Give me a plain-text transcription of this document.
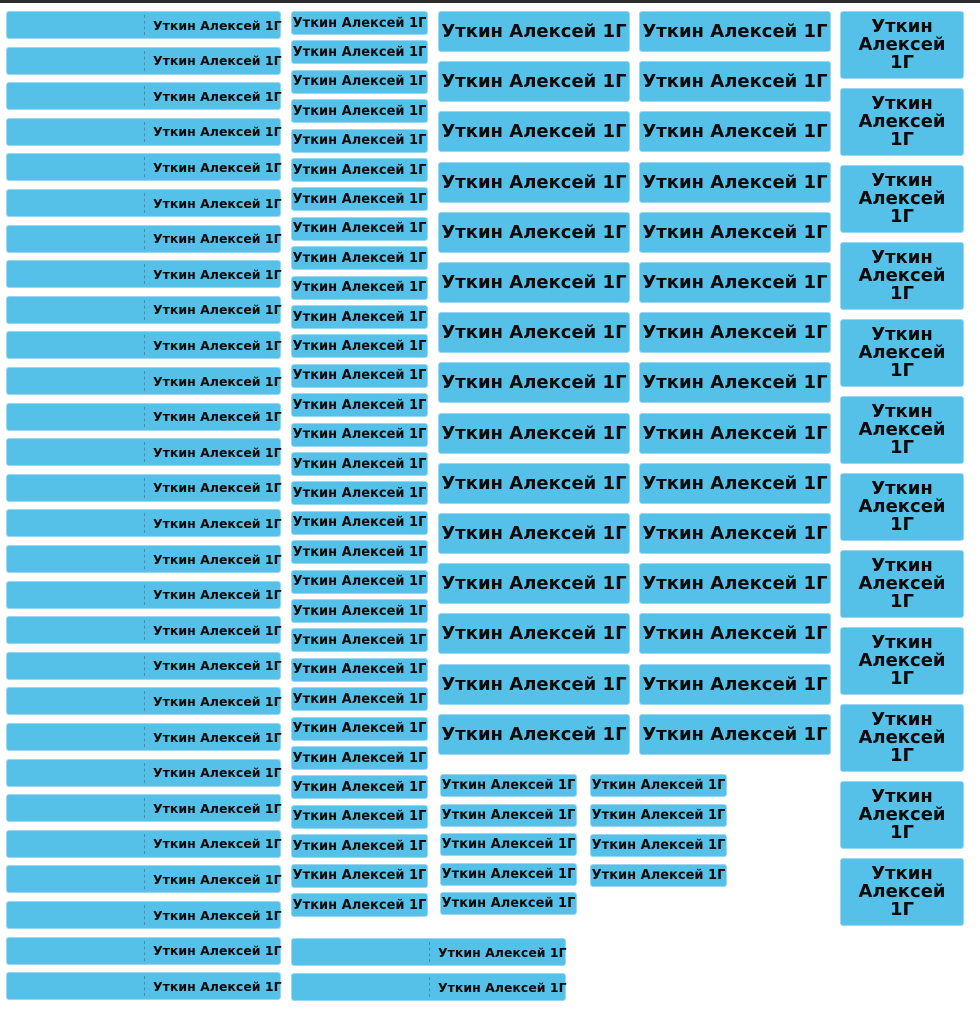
Уткин Алексей 1Г
Уткин Алексей 1Г
Уткин Алексей 1Г
Уткин Алексей 1Г
Уткин Алексей 1Г
Уткин Алексей 1Г
Уткин Алексей 1Г
Уткин Алексей 1Г
Уткин Алексей 1Г
Уткин Алексей 1Г
Уткин Алексей 1Г
Уткин Алексей 1Г
Уткин Алексей 1Г
Уткин Алексей 1Г
Уткин Алексей 1Г
Уткин Алексей 1Г
Уткин Алексей 1Г
Уткин Алексей 1Г
Уткин Алексей 1Г
Уткин Алексей 1Г
Уткин Алексей 1Г
Уткин Алексей 1Г
Уткин Алексей 1Г
Уткин Алексей 1Г
Уткин Алексей 1Г
Уткин Алексей 1Г
Уткин Алексей 1Г
Уткин Алексей 1Г
Уткин Алексей 1Г
Уткин Алексей 1Г
Уткин Алексей 1Г
Уткин Алексей 1Г
Уткин Алексей 1Г
Уткин Алексей 1Г
Уткин Алексей 1Г
Уткин Алексей 1Г
Уткин Алексей 1Г
Уткин Алексей 1Г
Уткин Алексей 1Г
Уткин Алексей 1Г
Уткин Алексей 1Г
Уткин Алексей 1Г
Уткин Алексей 1Г
Уткин Алексей 1Г
Уткин Алексей 1Г
Уткин Алексей 1Г
Уткин Алексей 1Г
Уткин Алексей 1Г
Уткин Алексей 1Г
Уткин Алексей 1Г
Уткин Алексей 1Г
Уткин Алексей 1Г
Уткин Алексей 1Г
Уткин Алексей 1Г
Уткин Алексей 1Г
Уткин Алексей 1Г
Уткин Алексей 1Г
Уткин Алексей 1Г
Уткин Алексей 1Г
Уткин Алексей 1Г
Уткин Алексей 1Г
Уткин Алексей 1Г Уткин Алексей 1Г
Уткин Алексей 1Г Уткин Алексей 1Г
Уткин Алексей 1Г Уткин Алексей 1Г
Уткин Алексей 1Г Уткин Алексей 1Г
Уткин Алексей 1Г Уткин Алексей 1Г
Уткин Алексей 1Г Уткин Алексей 1Г
Уткин Алексей 1Г Уткин Алексей 1Г
Уткин Алексей 1Г Уткин Алексей 1Г
Уткин Алексей 1Г Уткин Алексей 1Г
Уткин Алексей 1Г Уткин Алексей 1Г
Уткин Алексей 1Г Уткин Алексей 1Г
Уткин Алексей 1Г Уткин Алексей 1Г
Уткин Алексей 1Г Уткин Алексей 1Г
Уткин Алексей 1Г Уткин Алексей 1Г
Уткин Алексей 1Г Уткин Алексей 1Г
Уткин Алексей 1Г
Уткин Алексей 1Г
Уткин Алексей 1Г
Уткин Алексей 1Г
Уткин Алексей 1Г
Уткин Алексей 1Г
Уткин Алексей 1Г
Уткин Алексей 1Г
Уткин Алексей 1Г
Уткин Алексей 1Г
Уткин Алексей 1Г
Уткин Алексей 1Г
Уткин Алексей 1Г
Уткин Алексей 1Г
Уткин Алексей 1Г
Уткин Алексей 1Г
Уткин Алексей 1Г
Уткин Алексей 1Г
Уткин Алексей 1Г
Уткин Алексей 1Г
Уткин Алексей 1Г
